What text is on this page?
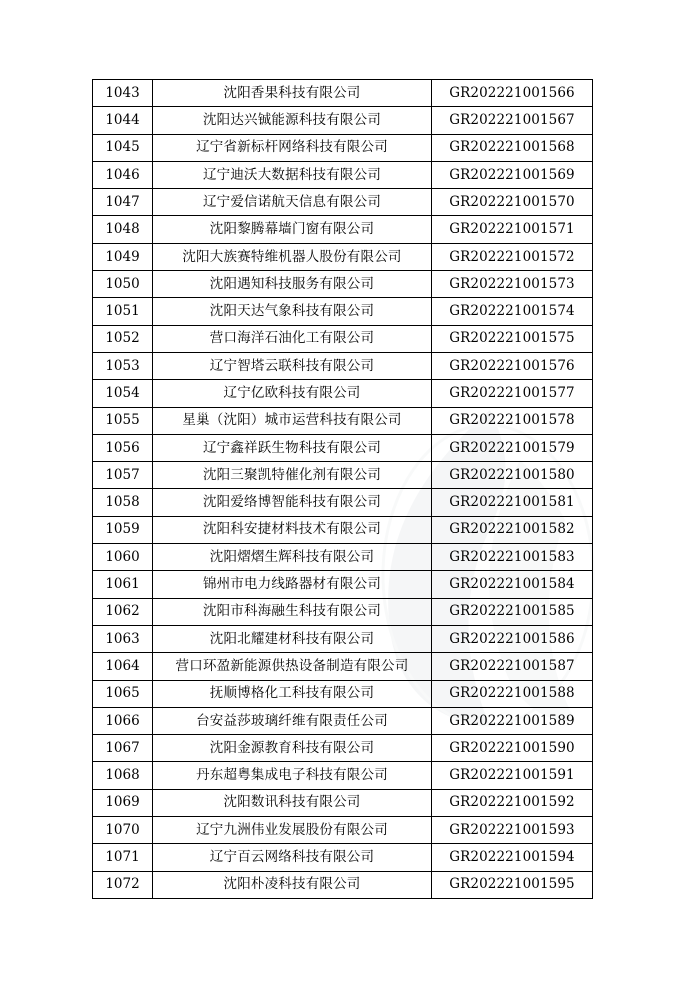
1043	沈阳香果科技有限公司	GR202221001566
1044	沈阳达兴铖能源科技有限公司	GR202221001567
1045	辽宁省新标杆网络科技有限公司	GR202221001568
1046	辽宁迪沃大数据科技有限公司	GR202221001569
1047	辽宁爱信诺航天信息有限公司	GR202221001570
1048	沈阳黎腾幕墙门窗有限公司	GR202221001571
1049	沈阳大族赛特维机器人股份有限公司	GR202221001572
1050	沈阳遇知科技服务有限公司	GR202221001573
1051	沈阳天达气象科技有限公司	GR202221001574
1052	营口海洋石油化工有限公司	GR202221001575
1053	辽宁智塔云联科技有限公司	GR202221001576
1054	辽宁亿欧科技有限公司	GR202221001577
1055	星巢（沈阳）城市运营科技有限公司	GR202221001578
1056	辽宁鑫祥跃生物科技有限公司	GR202221001579
1057	沈阳三聚凯特催化剂有限公司	GR202221001580
1058	沈阳爱络博智能科技有限公司	GR202221001581
1059	沈阳科安捷材料技术有限公司	GR202221001582
1060	沈阳熠熠生辉科技有限公司	GR202221001583
1061	锦州市电力线路器材有限公司	GR202221001584
1062	沈阳市科海融生科技有限公司	GR202221001585
1063	沈阳北耀建材科技有限公司	GR202221001586
1064	营口环盈新能源供热设备制造有限公司	GR202221001587
1065	抚顺博格化工科技有限公司	GR202221001588
1066	台安益莎玻璃纤维有限责任公司	GR202221001589
1067	沈阳金源教育科技有限公司	GR202221001590
1068	丹东超粤集成电子科技有限公司	GR202221001591
1069	沈阳数讯科技有限公司	GR202221001592
1070	辽宁九洲伟业发展股份有限公司	GR202221001593
1071	辽宁百云网络科技有限公司	GR202221001594
1072	沈阳朴凌科技有限公司	GR202221001595
